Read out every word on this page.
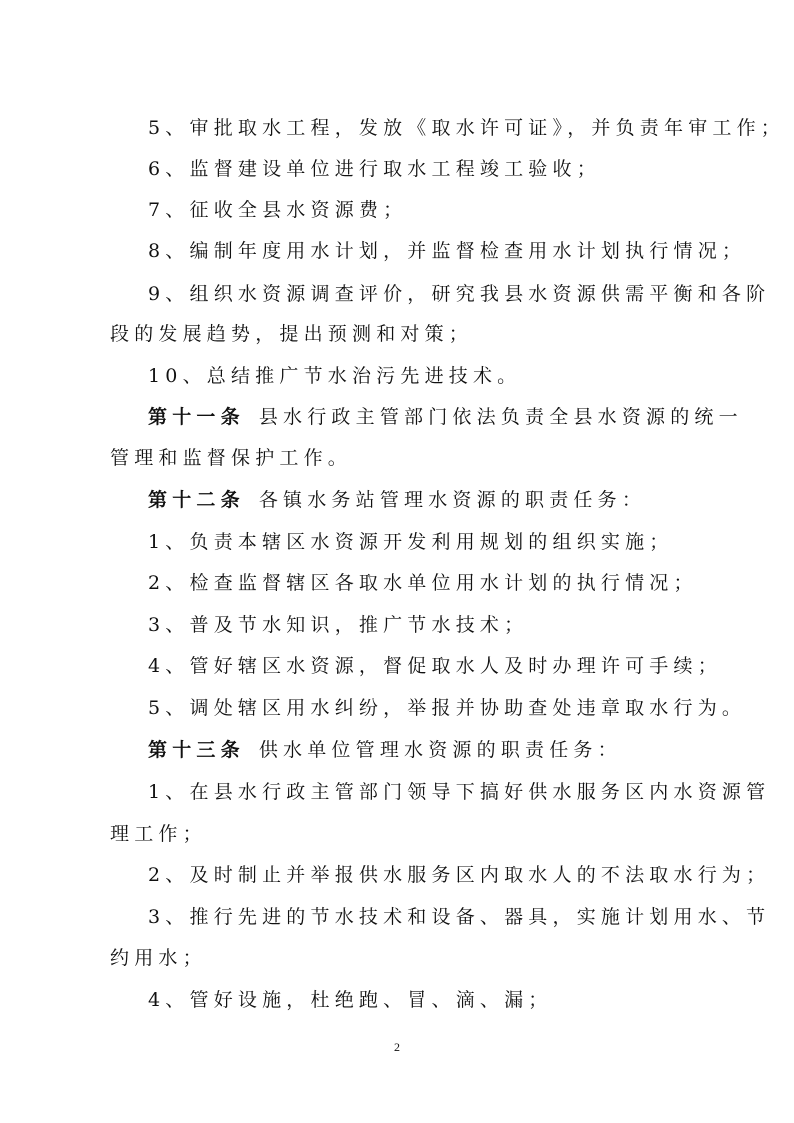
5、审批取水工程，发放《取水许可证》，并负责年审工作；
6、监督建设单位进行取水工程竣工验收；
7、征收全县水资源费；
8、编制年度用水计划，并监督检查用水计划执行情况；
9、组织水资源调查评价，研究我县水资源供需平衡和各阶
段的发展趋势，提出预测和对策；
10、总结推广节水治污先进技术。
第十一条 县水行政主管部门依法负责全县水资源的统一
管理和监督保护工作。
第十二条 各镇水务站管理水资源的职责任务：
1、负责本辖区水资源开发利用规划的组织实施；
2、检查监督辖区各取水单位用水计划的执行情况；
3、普及节水知识，推广节水技术；
4、管好辖区水资源，督促取水人及时办理许可手续；
5、调处辖区用水纠纷，举报并协助查处违章取水行为。
第十三条 供水单位管理水资源的职责任务：
1、在县水行政主管部门领导下搞好供水服务区内水资源管
理工作；
2、及时制止并举报供水服务区内取水人的不法取水行为；
3、推行先进的节水技术和设备、器具，实施计划用水、节
约用水；
4、管好设施，杜绝跑、冒、滴、漏；
2
